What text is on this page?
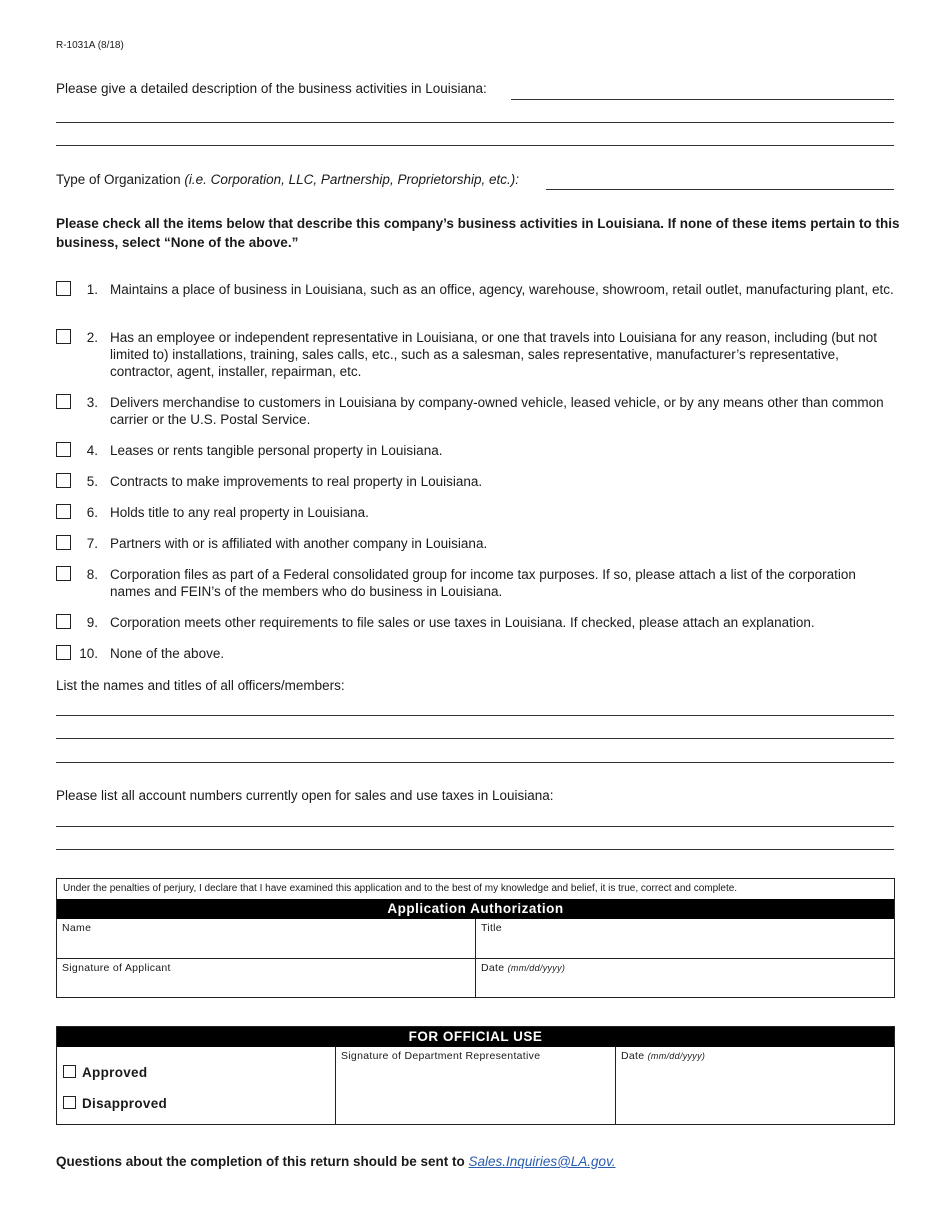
R-1031A (8/18)
Please give a detailed description of the business activities in Louisiana:
Type of Organization (i.e. Corporation, LLC, Partnership, Proprietorship, etc.):
Please check all the items below that describe this company’s business activities in Louisiana. If none of these items pertain to this business, select “None of the above.”
1. Maintains a place of business in Louisiana, such as an office, agency, warehouse, showroom, retail outlet, manufacturing plant, etc.
2. Has an employee or independent representative in Louisiana, or one that travels into Louisiana for any reason, including (but not limited to) installations, training, sales calls, etc., such as a salesman, sales representative, manufacturer’s representative, contractor, agent, installer, repairman, etc.
3. Delivers merchandise to customers in Louisiana by company-owned vehicle, leased vehicle, or by any means other than common carrier or the U.S. Postal Service.
4. Leases or rents tangible personal property in Louisiana.
5. Contracts to make improvements to real property in Louisiana.
6. Holds title to any real property in Louisiana.
7. Partners with or is affiliated with another company in Louisiana.
8. Corporation files as part of a Federal consolidated group for income tax purposes. If so, please attach a list of the corporation names and FEIN’s of the members who do business in Louisiana.
9. Corporation meets other requirements to file sales or use taxes in Louisiana. If checked, please attach an explanation.
10. None of the above.
List the names and titles of all officers/members:
Please list all account numbers currently open for sales and use taxes in Louisiana:
Under the penalties of perjury, I declare that I have examined this application and to the best of my knowledge and belief, it is true, correct and complete.
Application Authorization
Name	Title
Signature of Applicant	Date (mm/dd/yyyy)
FOR OFFICIAL USE
Approved
Disapproved
Signature of Department Representative	Date (mm/dd/yyyy)
Questions about the completion of this return should be sent to Sales.Inquiries@LA.gov.
